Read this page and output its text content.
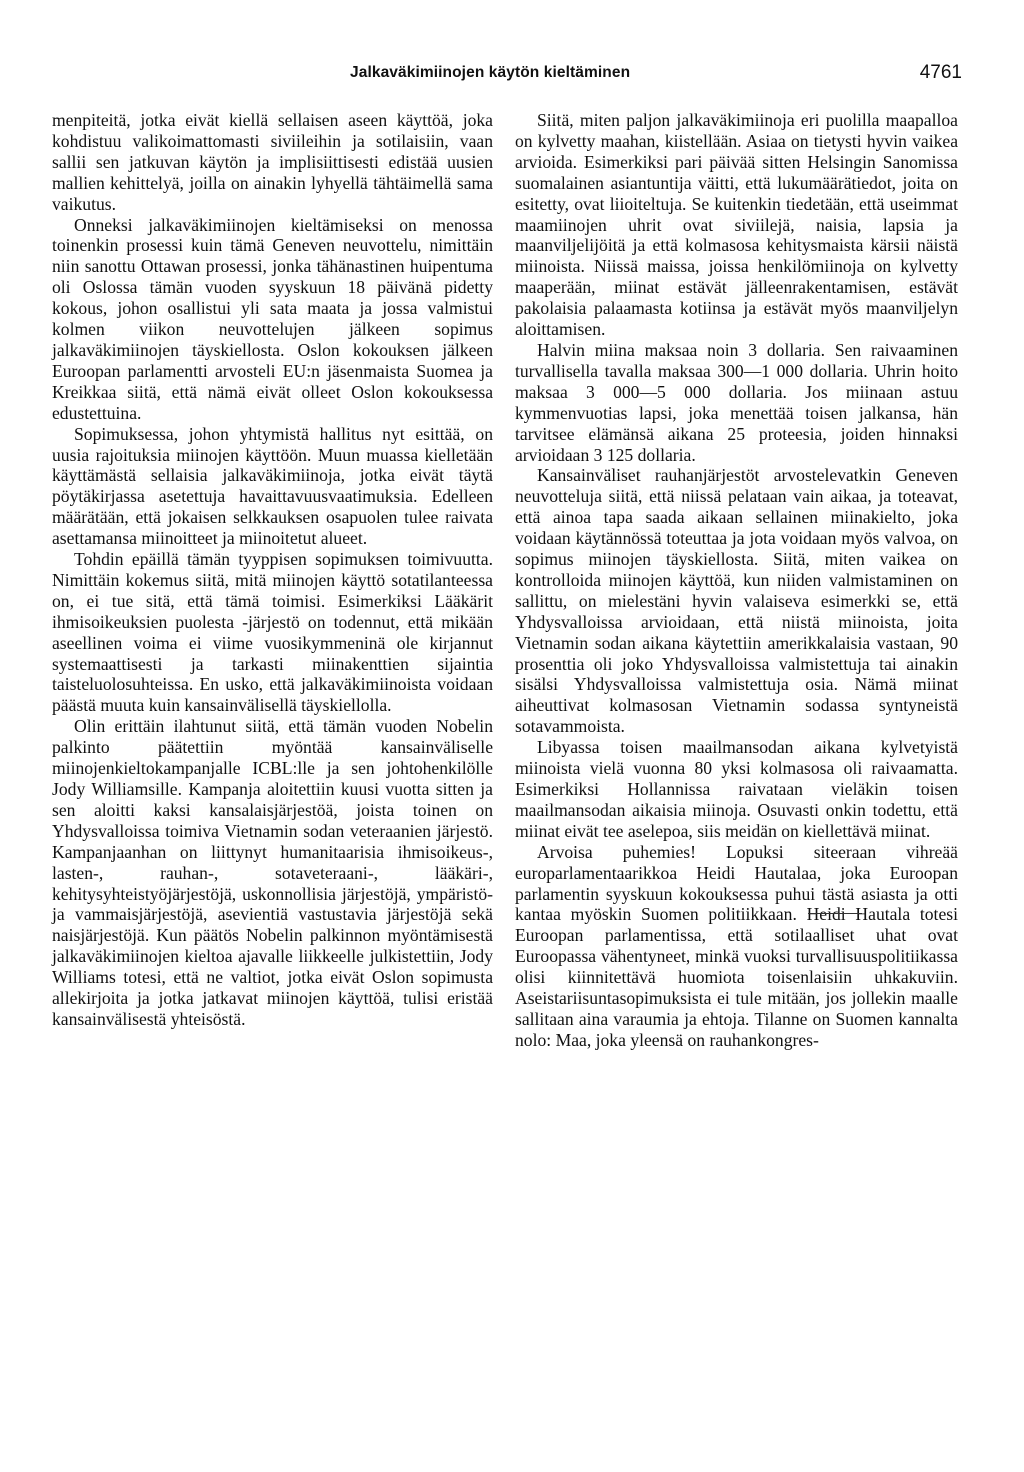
Jalkaväkimiinojen käytön kieltäminen	4761

menpiteitä, jotka eivät kiellä sellaisen aseen käyttöä, joka kohdistuu valikoimattomasti siviileihin ja sotilaisiin, vaan sallii sen jatkuvan käytön ja implisiittisesti edistää uusien mallien kehittelyä, joilla on ainakin lyhyellä tähtäimellä sama vaikutus.

Onneksi jalkaväkimiinojen kieltämiseksi on menossa toinenkin prosessi kuin tämä Geneven neuvottelu, nimittäin niin sanottu Ottawan prosessi, jonka tähänastinen huipentuma oli Oslossa tämän vuoden syyskuun 18 päivänä pidetty kokous, johon osallistui yli sata maata ja jossa valmistui kolmen viikon neuvottelujen jälkeen sopimus jalkaväkimiinojen täyskiellosta. Oslon kokouksen jälkeen Euroopan parlamentti arvosteli EU:n jäsenmaista Suomea ja Kreikkaa siitä, että nämä eivät olleet Oslon kokouksessa edustettuina.

Sopimuksessa, johon yhtymistä hallitus nyt esittää, on uusia rajoituksia miinojen käyttöön. Muun muassa kielletään käyttämästä sellaisia jalkaväkimiinoja, jotka eivät täytä pöytäkirjassa asetettuja havaittavuusvaatimuksia. Edelleen määrätään, että jokaisen selkkauksen osapuolen tulee raivata asettamansa miinoitteet ja miinoitetut alueet.

Tohdin epäillä tämän tyyppisen sopimuksen toimivuutta. Nimittäin kokemus siitä, mitä miinojen käyttö sotatilanteessa on, ei tue sitä, että tämä toimisi. Esimerkiksi Lääkärit ihmisoikeuksien puolesta -järjestö on todennut, että mikään aseellinen voima ei viime vuosikymmeninä ole kirjannut systemaattisesti ja tarkasti miinakenttien sijaintia taisteluolosuhteissa. En usko, että jalkaväkimiinoista voidaan päästä muuta kuin kansainvälisellä täyskiellolla.

Olin erittäin ilahtunut siitä, että tämän vuoden Nobelin palkinto päätettiin myöntää kansainväliselle miinojenkieltokampanjalle ICBL:lle ja sen johtohenkilölle Jody Williamsille. Kampanja aloitettiin kuusi vuotta sitten ja sen aloitti kaksi kansalaisjärjestöä, joista toinen on Yhdysvalloissa toimiva Vietnamin sodan veteraanien järjestö. Kampanjaanhan on liittynyt humanitaarisia ihmisoikeus-, lasten-, rauhan-, sotaveteraani-, lääkäri-, kehitysyhteistyöjärjestöjä, uskonnollisia järjestöjä, ympäristö- ja vammaisjärjestöjä, asevientiä vastustavia järjestöjä sekä naisjärjestöjä. Kun päätös Nobelin palkinnon myöntämisestä jalkaväkimiinojen kieltoa ajavalle liikkeelle julkistettiin, Jody Williams totesi, että ne valtiot, jotka eivät Oslon sopimusta allekirjoita ja jotka jatkavat miinojen käyttöä, tulisi eristää kansainvälisestä yhteisöstä.

Siitä, miten paljon jalkaväkimiinoja eri puolilla maapalloa on kylvetty maahan, kiistellään. Asiaa on tietysti hyvin vaikea arvioida. Esimerkiksi pari päivää sitten Helsingin Sanomissa suomalainen asiantuntija väitti, että lukumäärätiedot, joita on esitetty, ovat liioiteltuja. Se kuitenkin tiedetään, että useimmat maamiinojen uhrit ovat siviilejä, naisia, lapsia ja maanviljelijöitä ja että kolmasosa kehitysmaista kärsii näistä miinoista. Niissä maissa, joissa henkilömiinoja on kylvetty maaperään, miinat estävät jälleenrakentamisen, estävät pakolaisia palaamasta kotiinsa ja estävät myös maanviljelyn aloittamisen.

Halvin miina maksaa noin 3 dollaria. Sen raivaaminen turvallisella tavalla maksaa 300—1 000 dollaria. Uhrin hoito maksaa 3 000—5 000 dollaria. Jos miinaan astuu kymmenvuotias lapsi, joka menettää toisen jalkansa, hän tarvitsee elämänsä aikana 25 proteesia, joiden hinnaksi arvioidaan 3 125 dollaria.

Kansainväliset rauhanjärjestöt arvostelevatkin Geneven neuvotteluja siitä, että niissä pelataan vain aikaa, ja toteavat, että ainoa tapa saada aikaan sellainen miinakielto, joka voidaan käytännössä toteuttaa ja jota voidaan myös valvoa, on sopimus miinojen täyskiellosta. Siitä, miten vaikea on kontrolloida miinojen käyttöä, kun niiden valmistaminen on sallittu, on mielestäni hyvin valaiseva esimerkki se, että Yhdysvalloissa arvioidaan, että niistä miinoista, joita Vietnamin sodan aikana käytettiin amerikkalaisia vastaan, 90 prosenttia oli joko Yhdysvalloissa valmistettuja tai ainakin sisälsi Yhdysvalloissa valmistettuja osia. Nämä miinat aiheuttivat kolmasosan Vietnamin sodassa syntyneistä sotavammoista.

Libyassa toisen maailmansodan aikana kylvetyistä miinoista vielä vuonna 80 yksi kolmasosa oli raivaamatta. Esimerkiksi Hollannissa raivataan vieläkin toisen maailmansodan aikaisia miinoja. Osuvasti onkin todettu, että miinat eivät tee aselepoa, siis meidän on kiellettävä miinat.

Arvoisa puhemies! Lopuksi siteeraan vihreää europarlamentaarikkoa Heidi Hautalaa, joka Euroopan parlamentin syyskuun kokouksessa puhui tästä asiasta ja otti kantaa myöskin Suomen politiikkaan. Heidi Hautala totesi Euroopan parlamentissa, että sotilaalliset uhat ovat Euroopassa vähentyneet, minkä vuoksi turvallisuuspolitiikassa olisi kiinnitettävä huomiota toisenlaisiin uhkakuviin. Aseistariisuntasopimuksista ei tule mitään, jos jollekin maalle sallitaan aina varaumia ja ehtoja. Tilanne on Suomen kannalta nolo: Maa, joka yleensä on rauhankongres-
